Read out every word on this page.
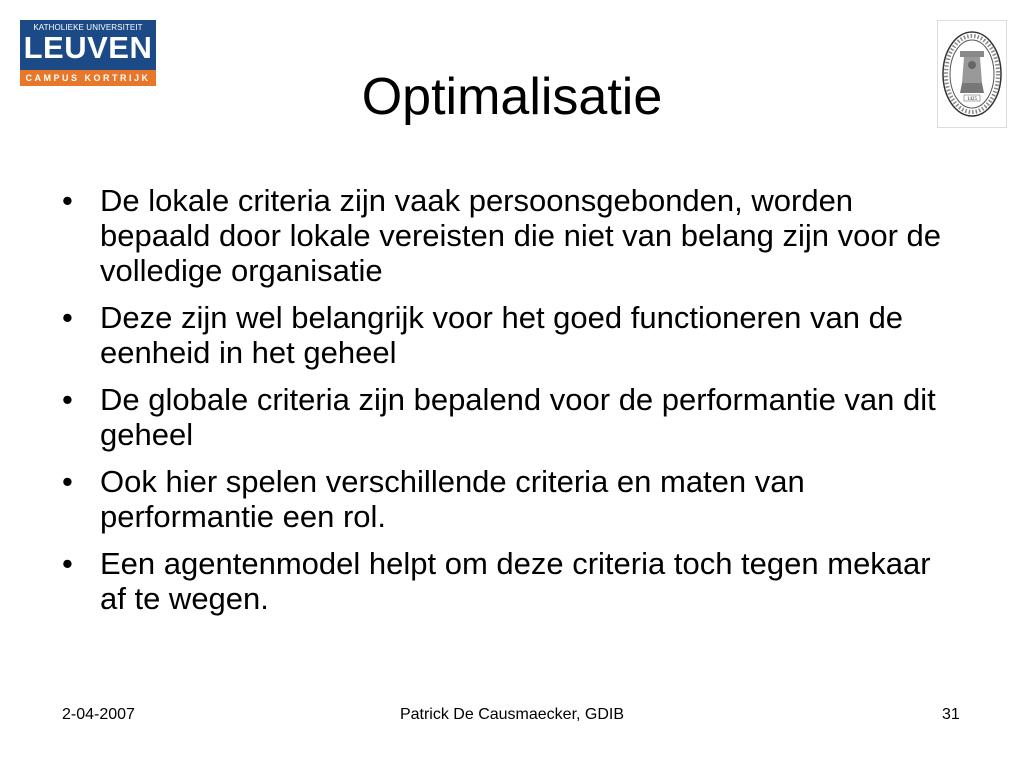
KATHOLIEKE UNIVERSITEIT
LEUVEN
CAMPUS KORTRIJK
1425
Optimalisatie
• De lokale criteria zijn vaak persoonsgebonden, worden bepaald door lokale vereisten die niet van belang zijn voor de volledige organisatie
• Deze zijn wel belangrijk voor het goed functioneren van de eenheid in het geheel
• De globale criteria zijn bepalend voor de performantie van dit geheel
• Ook hier spelen verschillende criteria en maten van performantie een rol.
• Een agentenmodel helpt om deze criteria toch tegen mekaar af te wegen.
2-04-2007	Patrick De Causmaecker, GDIB	31
